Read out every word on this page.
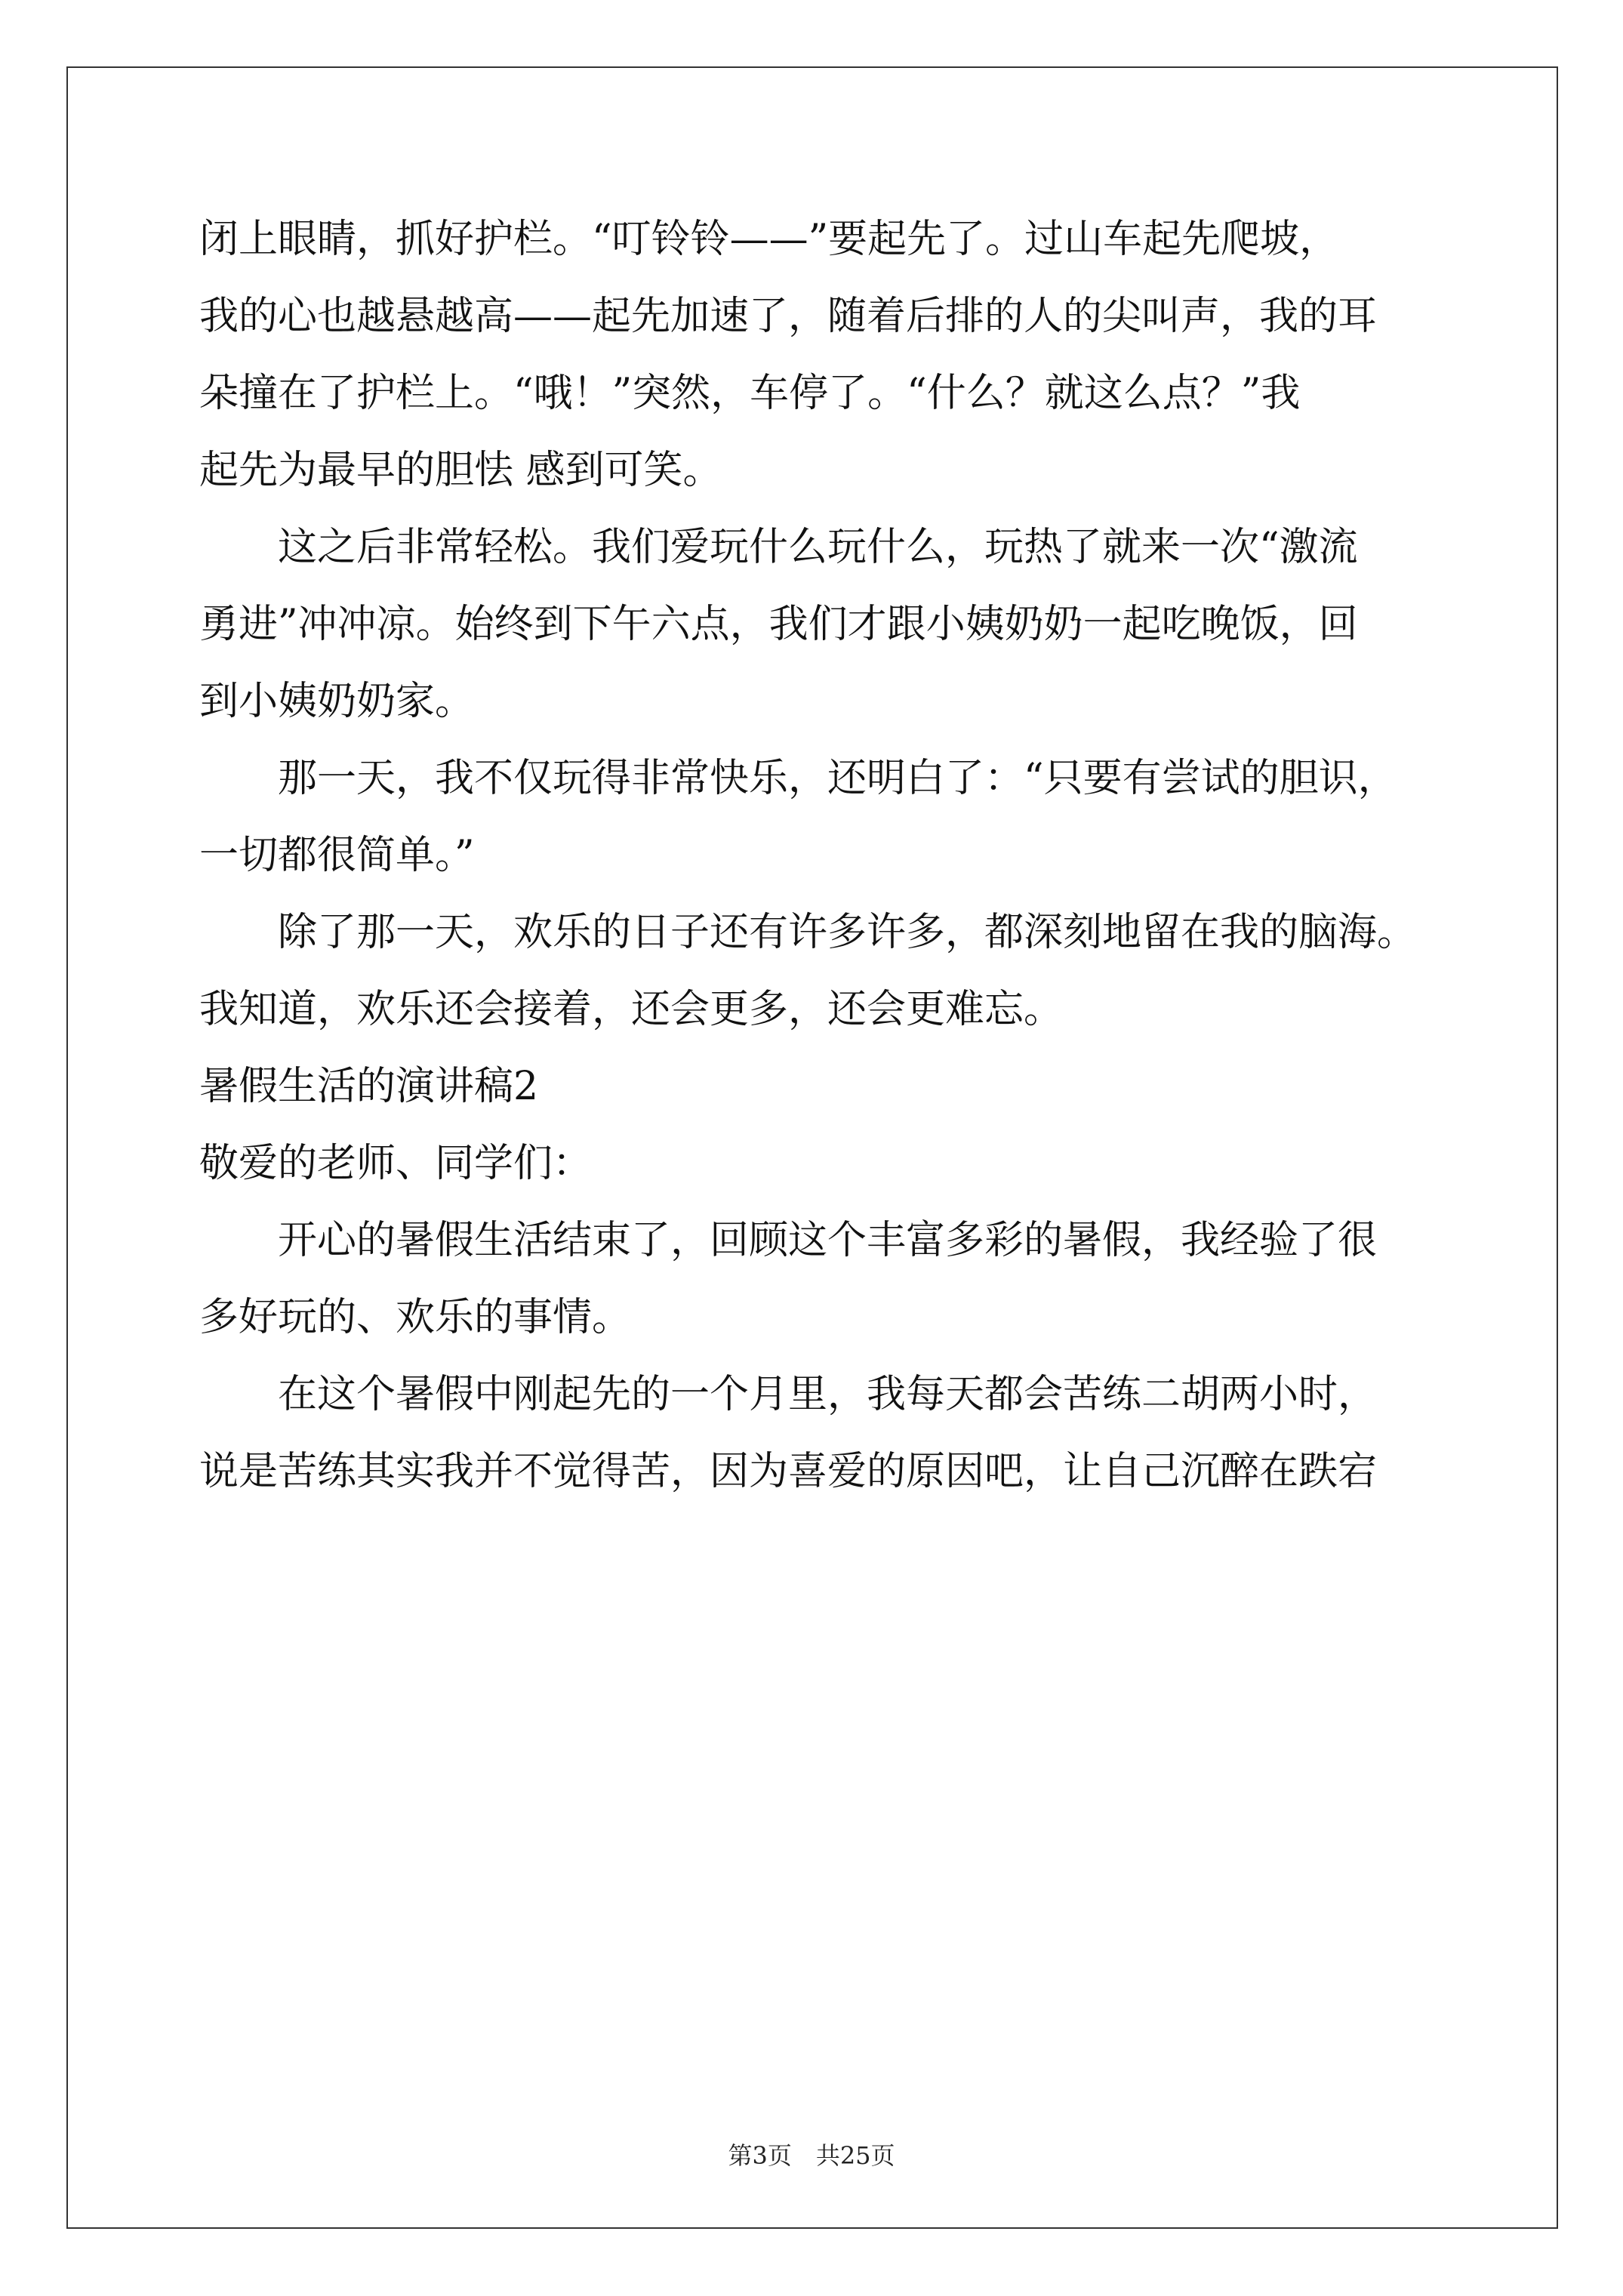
闭上眼睛，抓好护栏。“叮铃铃——”要起先了。过山车起先爬坡，

我的心也越悬越高——起先加速了，随着后排的人的尖叫声，我的耳

朵撞在了护栏上。“哦！”突然，车停了。“什么？就这么点？”我

起先为最早的胆怯 感到可笑。

　　这之后非常轻松。我们爱玩什么玩什么，玩热了就来一次“激流

勇进”冲冲凉。始终到下午六点，我们才跟小姨奶奶一起吃晚饭，回

到小姨奶奶家。

　　那一天，我不仅玩得非常快乐，还明白了：“只要有尝试的胆识，

一切都很简单。”

　　除了那一天，欢乐的日子还有许多许多，都深刻地留在我的脑海。

我知道，欢乐还会接着，还会更多，还会更难忘。

暑假生活的演讲稿2

敬爱的老师、同学们：

　　开心的暑假生活结束了，回顾这个丰富多彩的暑假，我经验了很

多好玩的、欢乐的事情。

　　在这个暑假中刚起先的一个月里，我每天都会苦练二胡两小时，

说是苦练其实我并不觉得苦，因为喜爱的原因吧，让自己沉醉在跌宕

第3页　共25页
